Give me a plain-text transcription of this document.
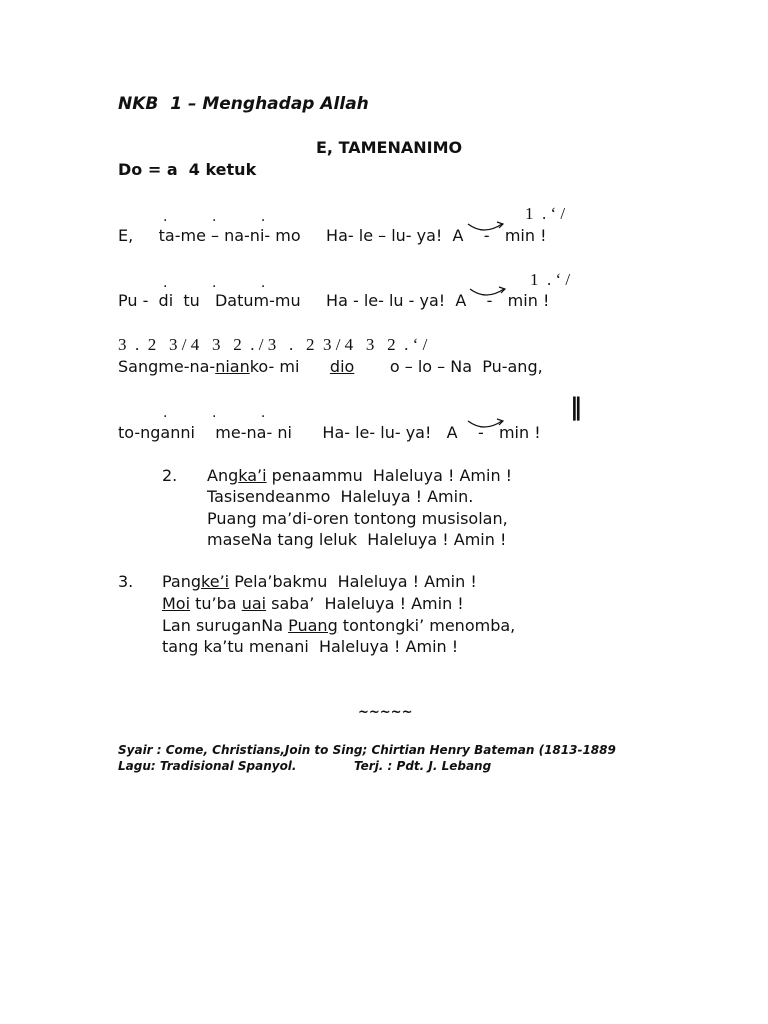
NKB  1 – Menghadap Allah
E, TAMENANIMO
Do = a  4 ketuk
1  . ‘ /
.          .          .
E,     ta-me – na-ni- mo     Ha- le – lu- ya!  A    -   min !
1  . ‘ /
.          .          .
Pu -  di  tu   Datum-mu     Ha - le- lu - ya!  A    -   min !
3  .  2   3 / 4   3   2  . / 3   .   2  3 / 4   3   2  . ‘ /
Sangme-na-nianko- mi      dio       o – lo – Na  Pu-ang,
.          .          .
to-nganni    me-na- ni      Ha- le- lu- ya!   A    -   min !
‖
2. Angka’i penaammu  Haleluya ! Amin !
Tasisendeanmo  Haleluya ! Amin.
Puang ma’di-oren tontong musisolan,
maseNa tang leluk  Haleluya ! Amin !
3. Pangke’i Pela’bakmu  Haleluya ! Amin !
Moi tu’ba uai saba’  Haleluya ! Amin !
Lan suruganNa Puang tontongki’ menomba,
tang ka’tu menani  Haleluya ! Amin !
~~~~~
Syair : Come, Christians,Join to Sing; Chirtian Henry Bateman (1813-1889
Lagu: Tradisional Spanyol.	Terj. : Pdt. J. Lebang
